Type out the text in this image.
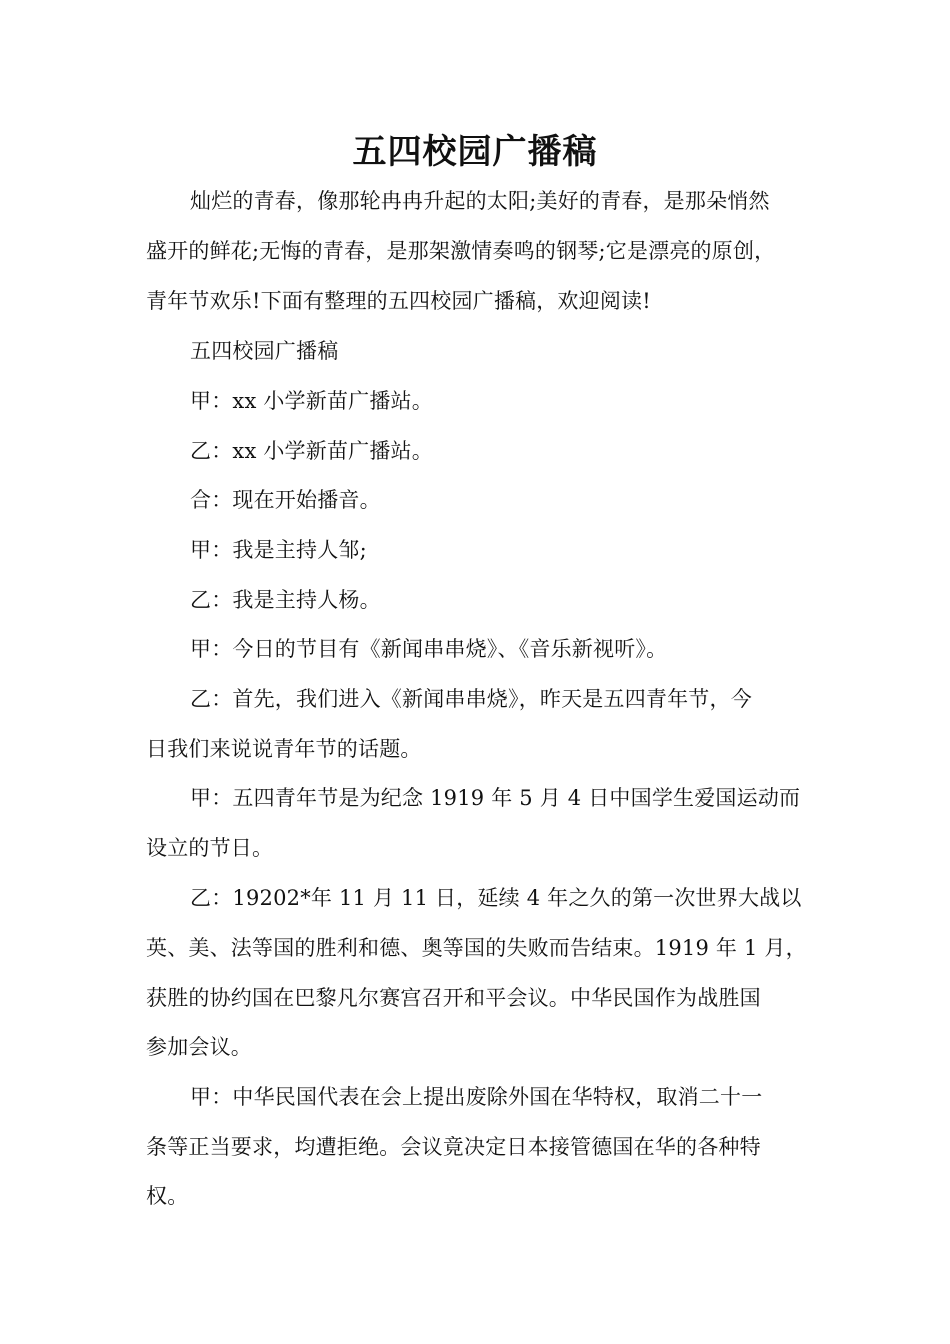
五四校园广播稿
灿烂的青春，像那轮冉冉升起的太阳;美好的青春，是那朵悄然
盛开的鲜花;无悔的青春，是那架激情奏鸣的钢琴;它是漂亮的原创，
青年节欢乐!下面有整理的五四校园广播稿，欢迎阅读!
五四校园广播稿
甲：xx 小学新苗广播站。
乙：xx 小学新苗广播站。
合：现在开始播音。
甲：我是主持人邹;
乙：我是主持人杨。
甲：今日的节目有《新闻串串烧》、《音乐新视听》。
乙：首先，我们进入《新闻串串烧》，昨天是五四青年节，今
日我们来说说青年节的话题。
甲：五四青年节是为纪念 1919 年 5 月 4 日中国学生爱国运动而
设立的节日。
乙：19202*年 11 月 11 日，延续 4 年之久的第一次世界大战以
英、美、法等国的胜利和德、奥等国的失败而告结束。1919 年 1 月，
获胜的协约国在巴黎凡尔赛宫召开和平会议。中华民国作为战胜国
参加会议。
甲：中华民国代表在会上提出废除外国在华特权，取消二十一
条等正当要求，均遭拒绝。会议竟决定日本接管德国在华的各种特
权。
